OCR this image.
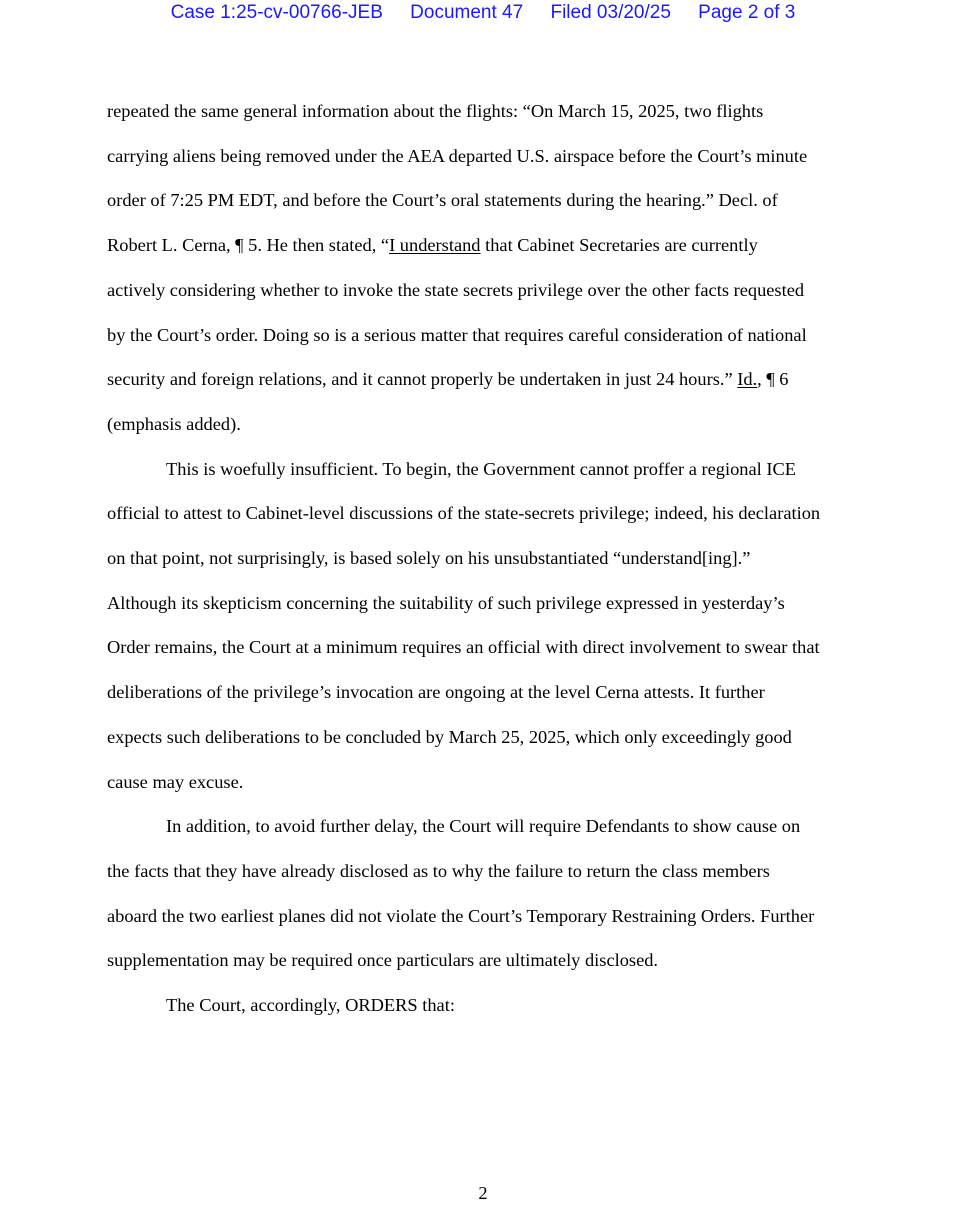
Case 1:25-cv-00766-JEB Document 47 Filed 03/20/25 Page 2 of 3

repeated the same general information about the flights: “On March 15, 2025, two flights

carrying aliens being removed under the AEA departed U.S. airspace before the Court’s minute

order of 7:25 PM EDT, and before the Court’s oral statements during the hearing.” Decl. of

Robert L. Cerna, ¶ 5. He then stated, “I understand that Cabinet Secretaries are currently

actively considering whether to invoke the state secrets privilege over the other facts requested

by the Court’s order. Doing so is a serious matter that requires careful consideration of national

security and foreign relations, and it cannot properly be undertaken in just 24 hours.” Id., ¶ 6

(emphasis added).

This is woefully insufficient. To begin, the Government cannot proffer a regional ICE

official to attest to Cabinet-level discussions of the state-secrets privilege; indeed, his declaration

on that point, not surprisingly, is based solely on his unsubstantiated “understand[ing].”

Although its skepticism concerning the suitability of such privilege expressed in yesterday’s

Order remains, the Court at a minimum requires an official with direct involvement to swear that

deliberations of the privilege’s invocation are ongoing at the level Cerna attests. It further

expects such deliberations to be concluded by March 25, 2025, which only exceedingly good

cause may excuse.

In addition, to avoid further delay, the Court will require Defendants to show cause on

the facts that they have already disclosed as to why the failure to return the class members

aboard the two earliest planes did not violate the Court’s Temporary Restraining Orders. Further

supplementation may be required once particulars are ultimately disclosed.

The Court, accordingly, ORDERS that:

2
